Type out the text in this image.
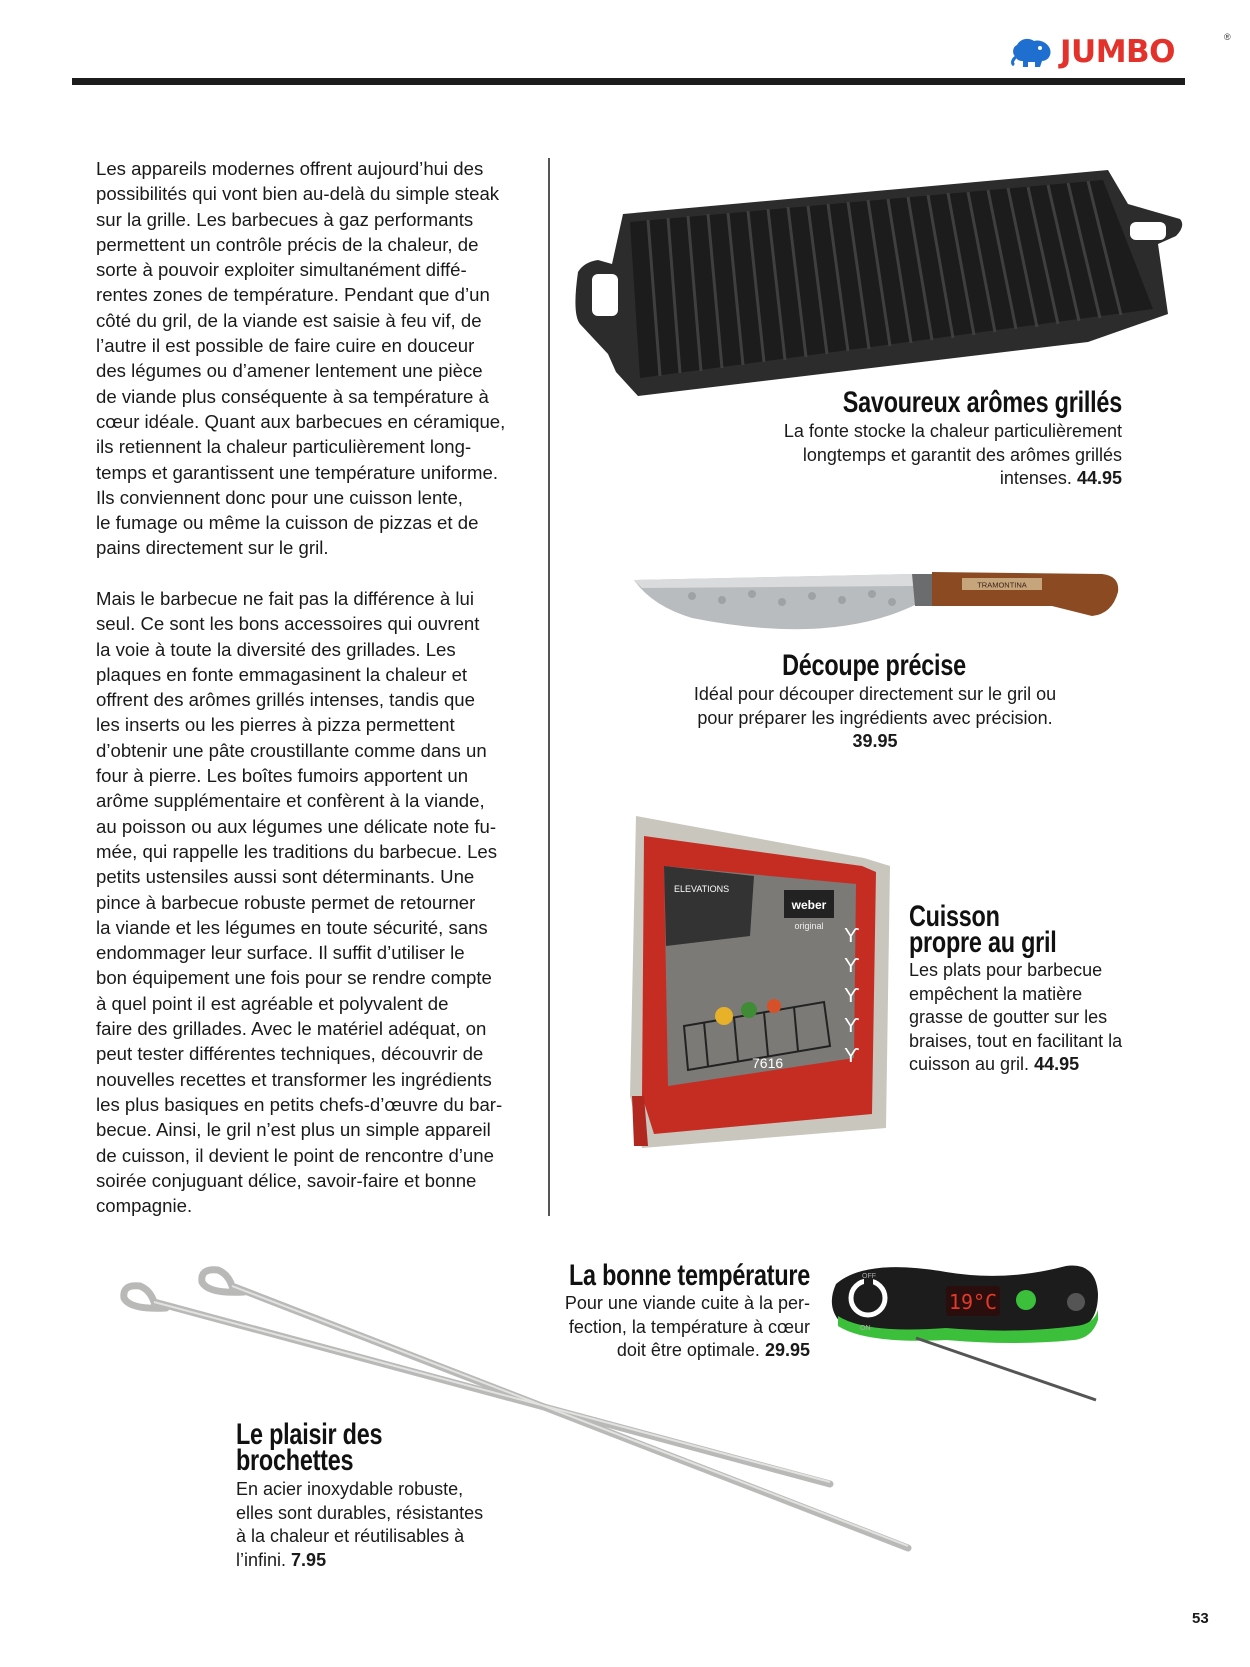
JUMBO	®

Les appareils modernes offrent aujourd’hui des
possibilités qui vont bien au-delà du simple steak
sur la grille. Les barbecues à gaz performants
permettent un contrôle précis de la chaleur, de
sorte à pouvoir exploiter simultanément diffé-
rentes zones de température. Pendant que d’un
côté du gril, de la viande est saisie à feu vif, de
l’autre il est possible de faire cuire en douceur
des légumes ou d’amener lentement une pièce
de viande plus conséquente à sa température à
cœur idéale. Quant aux barbecues en céramique,
ils retiennent la chaleur particulièrement long-
temps et garantissent une température uniforme.
Ils conviennent donc pour une cuisson lente,
le fumage ou même la cuisson de pizzas et de
pains directement sur le gril.

Mais le barbecue ne fait pas la différence à lui
seul. Ce sont les bons accessoires qui ouvrent
la voie à toute la diversité des grillades. Les
plaques en fonte emmagasinent la chaleur et
offrent des arômes grillés intenses, tandis que
les inserts ou les pierres à pizza permettent
d’obtenir une pâte croustillante comme dans un
four à pierre. Les boîtes fumoirs apportent un
arôme supplémentaire et confèrent à la viande,
au poisson ou aux légumes une délicate note fu-
mée, qui rappelle les traditions du barbecue. Les
petits ustensiles aussi sont déterminants. Une
pince à barbecue robuste permet de retourner
la viande et les légumes en toute sécurité, sans
endommager leur surface. Il suffit d’utiliser le
bon équipement une fois pour se rendre compte
à quel point il est agréable et polyvalent de
faire des grillades. Avec le matériel adéquat, on
peut tester différentes techniques, découvrir de
nouvelles recettes et transformer les ingrédients
les plus basiques en petits chefs-d’œuvre du bar-
becue. Ainsi, le gril n’est plus un simple appareil
de cuisson, il devient le point de rencontre d’une
soirée conjuguant délice, savoir-faire et bonne
compagnie.

Savoureux arômes grillés
La fonte stocke la chaleur particulièrement
longtemps et garantit des arômes grillés
intenses. 44.95
TRAMONTINA
Découpe précise
Idéal pour découper directement sur le gril ou
pour préparer les ingrédients avec précision.
39.95
ELEVATIONS
weber
original ϒ
ϒ
ϒ
ϒ
ϒ
7616
Cuisson
propre au gril
Les plats pour barbecue
empêchent la matière
grasse de goutter sur les
braises, tout en facilitant la
cuisson au gril. 44.95
19°C
OFF
ON
La bonne température
Pour une viande cuite à la per-
fection, la température à cœur
doit être optimale. 29.95
Le plaisir des
brochettes
En acier inoxydable robuste,
elles sont durables, résistantes
à la chaleur et réutilisables à
l’infini. 7.95
53
